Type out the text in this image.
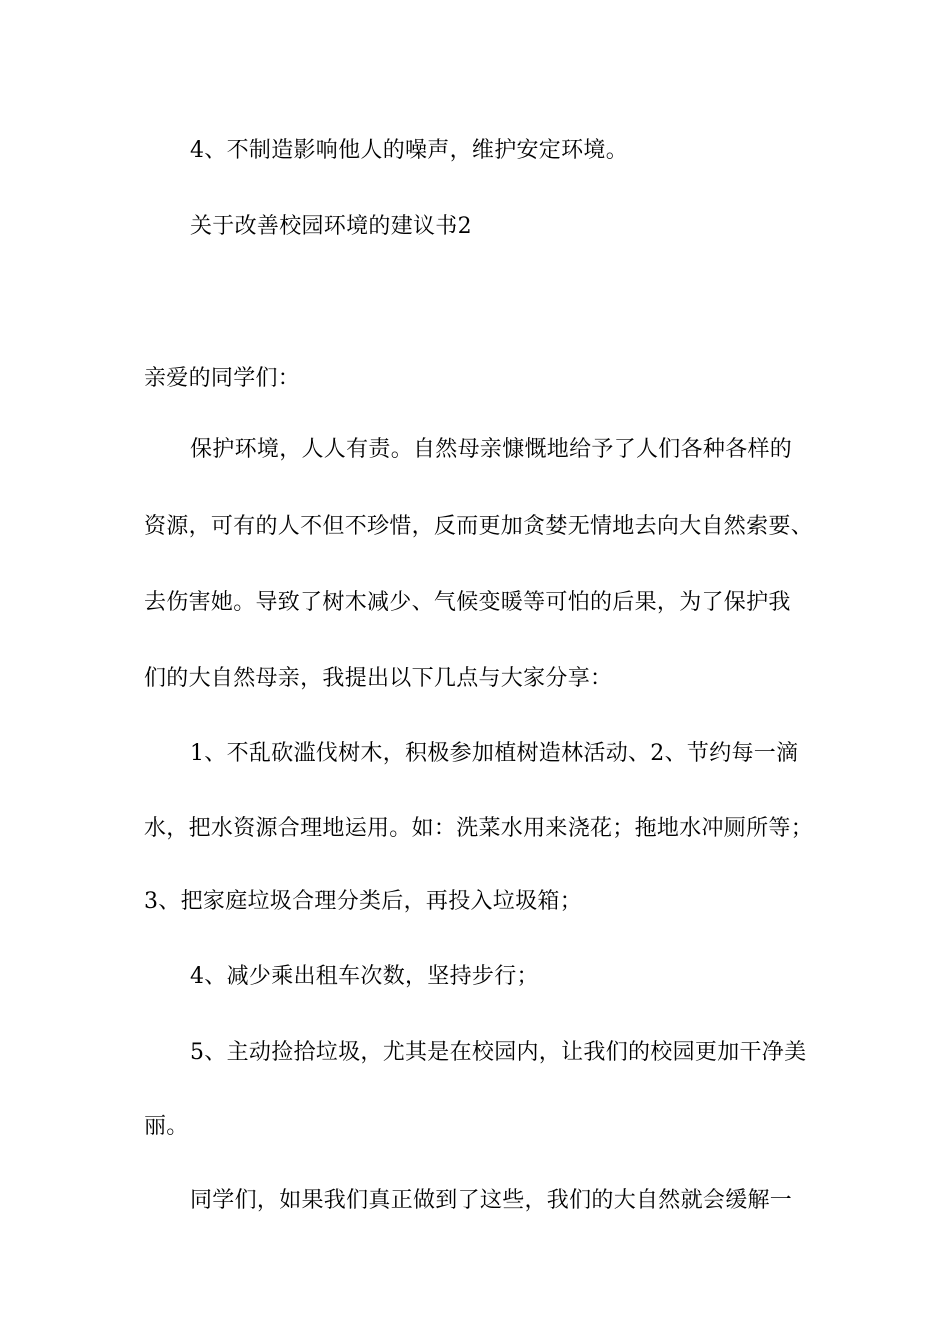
4、不制造影响他人的噪声，维护安定环境。
关于改善校园环境的建议书2
亲爱的同学们：
保护环境，人人有责。自然母亲慷慨地给予了人们各种各样的
资源，可有的人不但不珍惜，反而更加贪婪无情地去向大自然索要、
去伤害她。导致了树木减少、气候变暖等可怕的后果，为了保护我
们的大自然母亲，我提出以下几点与大家分享：
1、不乱砍滥伐树木，积极参加植树造林活动、2、节约每一滴
水，把水资源合理地运用。如：洗菜水用来浇花；拖地水冲厕所等；
3、把家庭垃圾合理分类后，再投入垃圾箱；
4、减少乘出租车次数，坚持步行；
5、主动捡拾垃圾，尤其是在校园内，让我们的校园更加干净美
丽。
同学们，如果我们真正做到了这些，我们的大自然就会缓解一
